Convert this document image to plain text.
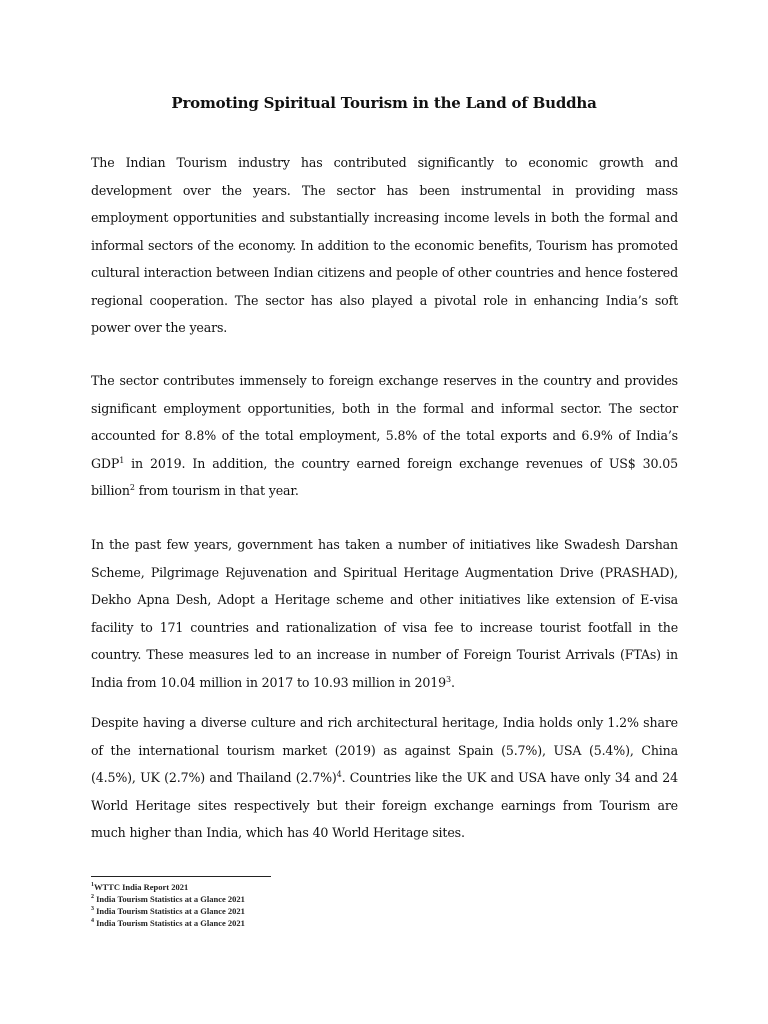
Promoting Spiritual Tourism in the Land of Buddha

The Indian Tourism industry has contributed significantly to economic growth and development over the years. The sector has been instrumental in providing mass employment opportunities and substantially increasing income levels in both the formal and informal sectors of the economy. In addition to the economic benefits, Tourism has promoted cultural interaction between Indian citizens and people of other countries and hence fostered regional cooperation. The sector has also played a pivotal role in enhancing India’s soft power over the years.

The sector contributes immensely to foreign exchange reserves in the country and provides significant employment opportunities, both in the formal and informal sector. The sector accounted for 8.8% of the total employment, 5.8% of the total exports and 6.9% of India’s GDP$^1$ in 2019. In addition, the country earned foreign exchange revenues of US$ 30.05 billion$^2$ from tourism in that year.

In the past few years, government has taken a number of initiatives like Swadesh Darshan Scheme, Pilgrimage Rejuvenation and Spiritual Heritage Augmentation Drive (PRASHAD), Dekho Apna Desh, Adopt a Heritage scheme and other initiatives like extension of E-visa facility to 171 countries and rationalization of visa fee to increase tourist footfall in the country. These measures led to an increase in number of Foreign Tourist Arrivals (FTAs) in India from 10.04 million in 2017 to 10.93 million in 2019$^3$.

Despite having a diverse culture and rich architectural heritage, India holds only 1.2% share of the international tourism market (2019) as against Spain (5.7%), USA (5.4%), China (4.5%), UK (2.7%) and Thailand $(2.7\%)^4$. Countries like the UK and USA have only 34 and 24 World Heritage sites respectively but their foreign exchange earnings from Tourism are much higher than India, which has 40 World Heritage sites.

$^1$WTTC India Report 2021
$^2$ India Tourism Statistics at a Glance 2021
$^3$ India Tourism Statistics at a Glance 2021
$^4$ India Tourism Statistics at a Glance 2021
